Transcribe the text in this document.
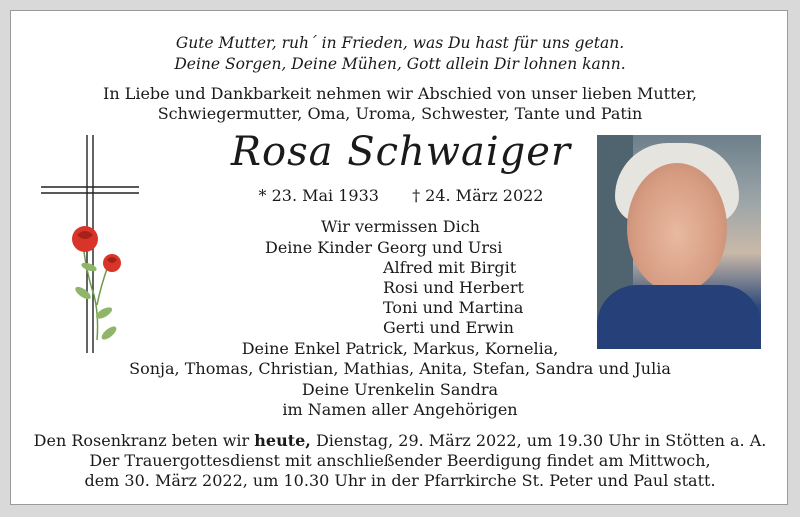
Gute Mutter, ruh´ in Frieden, was Du hast für uns getan.
Deine Sorgen, Deine Mühen, Gott allein Dir lohnen kann.
In Liebe und Dankbarkeit nehmen wir Abschied von unser lieben Mutter,
Schwiegermutter, Oma, Uroma, Schwester, Tante und Patin
Rosa Schwaiger
* 23. Mai 1933 † 24. März 2022
Wir vermissen Dich
Deine Kinder Georg und Ursi
Alfred mit Birgit
Rosi und Herbert
Toni und Martina
Gerti und Erwin
Deine Enkel Patrick, Markus, Kornelia,
Sonja, Thomas, Christian, Mathias, Anita, Stefan, Sandra und Julia
Deine Urenkelin Sandra
im Namen aller Angehörigen
Den Rosenkranz beten wir heute, Dienstag, 29. März 2022, um 19.30 Uhr in Stötten a. A.
Der Trauergottesdienst mit anschließender Beerdigung findet am Mittwoch,
dem 30. März 2022, um 10.30 Uhr in der Pfarrkirche St. Peter und Paul statt.
